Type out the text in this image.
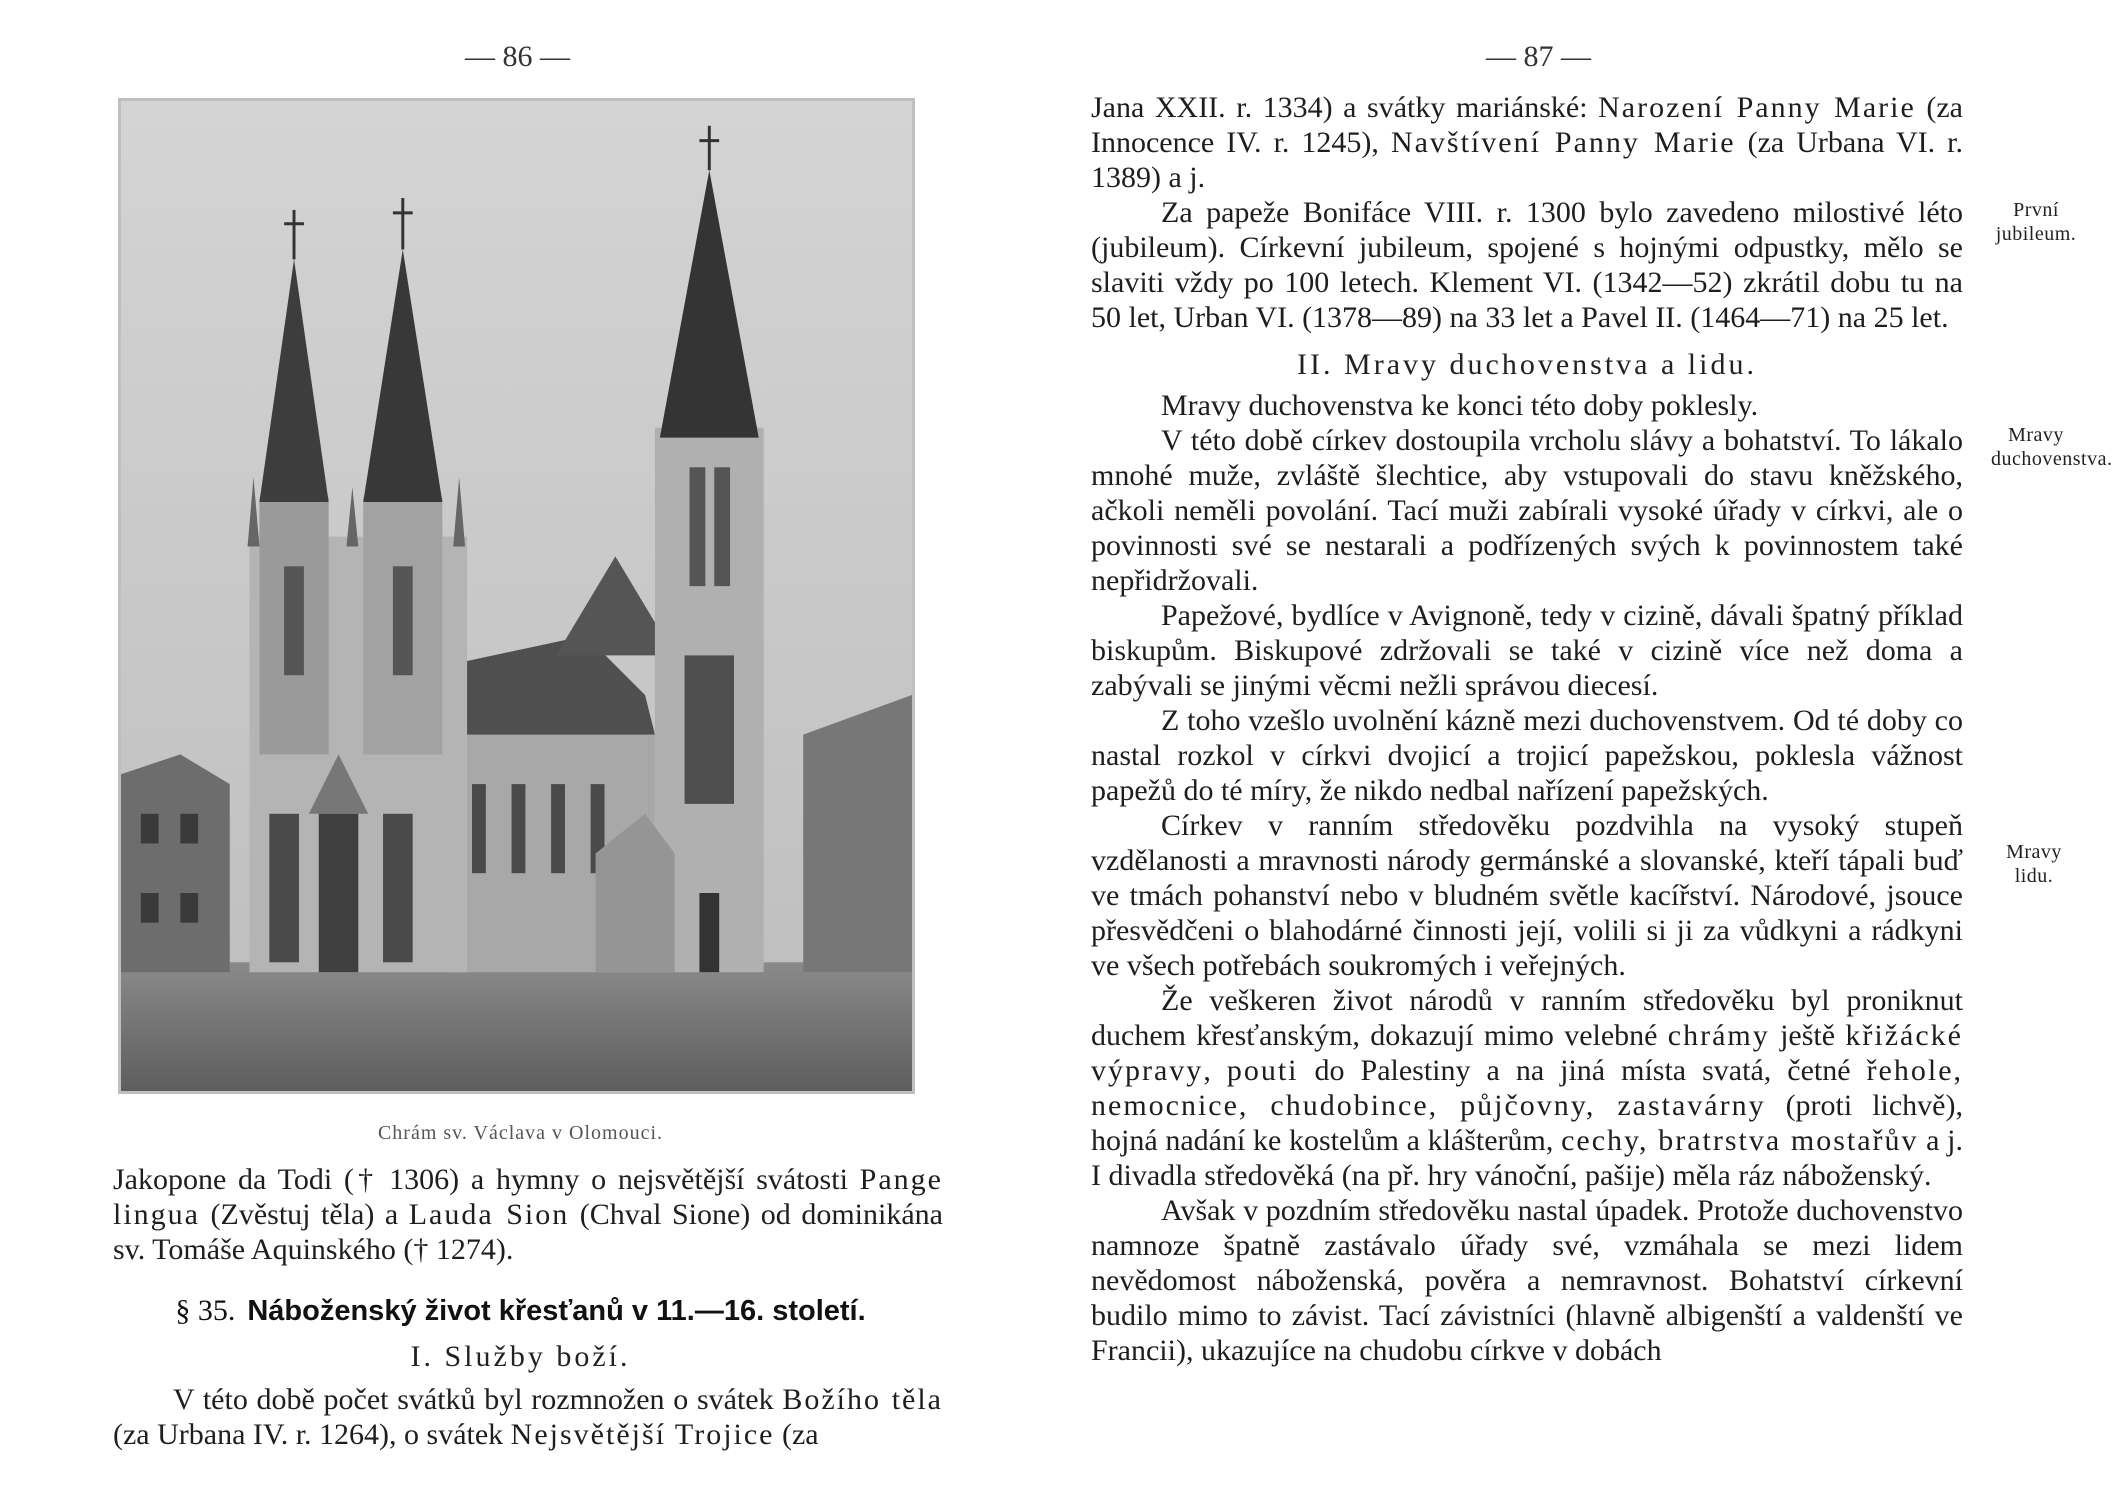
— 86 —
Chrám sv. Václava v Olomouci.

Jakopone da Todi († 1306) a hymny o nejsvětější svátosti Pange lingua (Zvěstuj těla) a Lauda Sion (Chval Sione) od dominikána sv. Tomáše Aquinského († 1274).

§ 35. Náboženský život křesťanů v 11.—16. století.
I. Služby boží.

V této době počet svátků byl rozmnožen o svátek Božího těla (za Urbana IV. r. 1264), o svátek Nejsvětější Trojice (za

— 87 —

Jana XXII. r. 1334) a svátky mariánské: Narození Panny Marie (za Innocence IV. r. 1245), Navštívení Panny Marie (za Urbana VI. r. 1389) a j.

Za papeže Bonifáce VIII. r. 1300 bylo zavedeno milostivé léto (jubileum). Církevní jubileum, spojené s hojnými odpustky, mělo se slaviti vždy po 100 letech. Klement VI. (1342—52) zkrátil dobu tu na 50 let, Urban VI. (1378—89) na 33 let a Pavel II. (1464—71) na 25 let.

II. Mravy duchovenstva a lidu.

Mravy duchovenstva ke konci této doby poklesly.

V této době církev dostoupila vrcholu slávy a bohatství. To lákalo mnohé muže, zvláště šlechtice, aby vstupovali do stavu kněžského, ačkoli neměli povolání. Tací muži zabírali vysoké úřady v církvi, ale o povinnosti své se nestarali a podřízených svých k povinnostem také nepřidržovali.

Papežové, bydlíce v Avignoně, tedy v cizině, dávali špatný příklad biskupům. Biskupové zdržovali se také v cizině více než doma a zabývali se jinými věcmi nežli správou diecesí.

Z toho vzešlo uvolnění kázně mezi duchovenstvem. Od té doby co nastal rozkol v církvi dvojicí a trojicí papežskou, poklesla vážnost papežů do té míry, že nikdo nedbal nařízení papežských.

Církev v ranním středověku pozdvihla na vysoký stupeň vzdělanosti a mravnosti národy germánské a slovanské, kteří tápali buď ve tmách pohanství nebo v bludném světle kacířství. Národové, jsouce přesvědčeni o blahodárné činnosti její, volili si ji za vůdkyni a rádkyni ve všech potřebách soukromých i veřejných.

Že veškeren život národů v ranním středověku byl proniknut duchem křesťanským, dokazují mimo velebné chrámy ještě křižácké výpravy, pouti do Palestiny a na jiná místa svatá, četné řehole, nemocnice, chudobince, půjčovny, zastavárny (proti lichvě), hojná nadání ke kostelům a klášterům, cechy, bratrstva mostařův a j. I divadla středověká (na př. hry vánoční, pašije) měla ráz náboženský.

Avšak v pozdním středověku nastal úpadek. Protože duchovenstvo namnoze špatně zastávalo úřady své, vzmáhala se mezi lidem nevědomost náboženská, pověra a nemravnost. Bohatství církevní budilo mimo to závist. Tací závistníci (hlavně albigenští a valdenští ve Francii), ukazujíce na chudobu církve v dobách

První jubileum.
Mravy duchovenstva.
Mravy lidu.
